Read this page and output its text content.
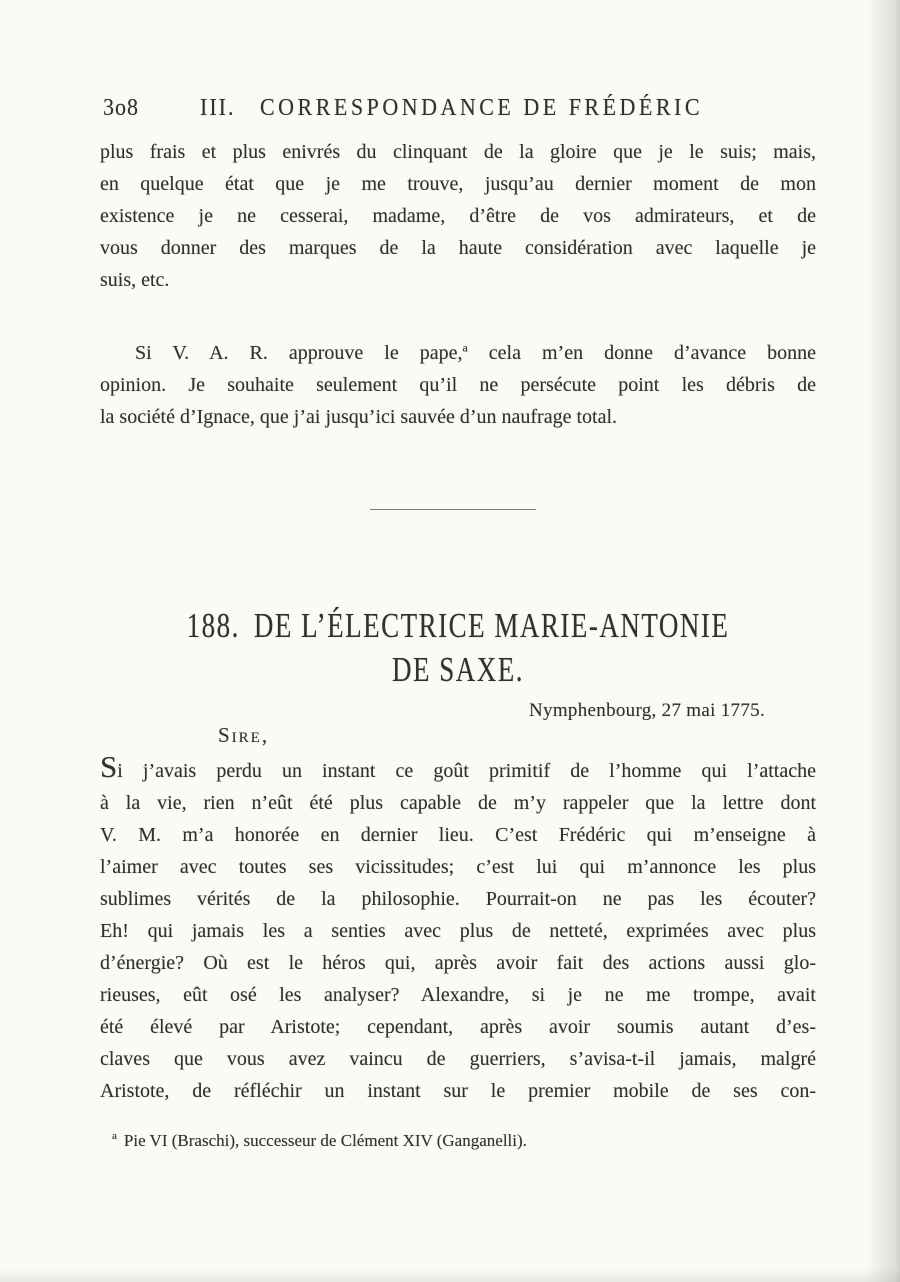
3o8	III. CORRESPONDANCE DE FRÉDÉRIC
plus frais et plus enivrés du clinquant de la gloire que je le suis; mais,
en quelque état que je me trouve, jusqu’au dernier moment de mon
existence je ne cesserai, madame, d’être de vos admirateurs, et de
vous donner des marques de la haute considération avec laquelle je
suis, etc.
Si V. A. R. approuve le pape,$^a$ cela m’en donne d’avance bonne
opinion. Je souhaite seulement qu’il ne persécute point les débris de
la société d’Ignace, que j’ai jusqu’ici sauvée d’un naufrage total.
188. DE L’ÉLECTRICE MARIE-ANTONIE
DE SAXE.
Nymphenbourg, 27 mai 1775.
Sire,
Si j’avais perdu un instant ce goût primitif de l’homme qui l’attache
à la vie, rien n’eût été plus capable de m’y rappeler que la lettre dont
V. M. m’a honorée en dernier lieu. C’est Frédéric qui m’enseigne à
l’aimer avec toutes ses vicissitudes; c’est lui qui m’annonce les plus
sublimes vérités de la philosophie. Pourrait-on ne pas les écouter?
Eh! qui jamais les a senties avec plus de netteté, exprimées avec plus
d’énergie? Où est le héros qui, après avoir fait des actions aussi glo-
rieuses, eût osé les analyser? Alexandre, si je ne me trompe, avait
été élevé par Aristote; cependant, après avoir soumis autant d’es-
claves que vous avez vaincu de guerriers, s’avisa-t-il jamais, malgré
Aristote, de réfléchir un instant sur le premier mobile de ses con-
$^a$ Pie VI (Braschi), successeur de Clément XIV (Ganganelli).
